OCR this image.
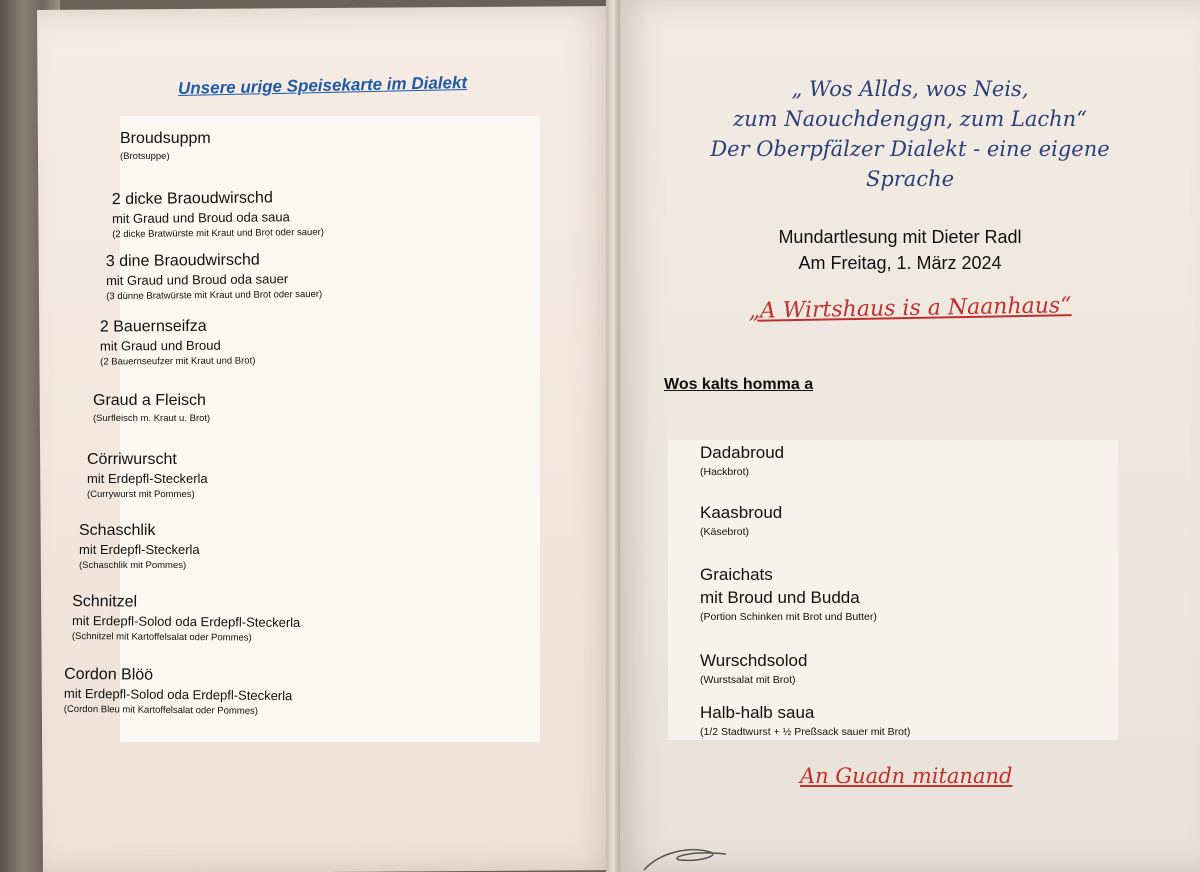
Unsere urige Speisekarte im Dialekt
Broudsuppm
(Brotsuppe)
2 dicke Braoudwirschd
mit Graud und Broud oda saua
(2 dicke Bratwürste mit Kraut und Brot oder sauer)
3 dine Braoudwirschd
mit Graud und Broud oda sauer
(3 dünne Bratwürste mit Kraut und Brot oder sauer)
2 Bauernseifza
mit Graud und Broud
(2 Bauernseufzer mit Kraut und Brot)
Graud a Fleisch
(Surfleisch m. Kraut u. Brot)
Cörriwurscht
mit Erdepfl-Steckerla
(Currywurst mit Pommes)
Schaschlik
mit Erdepfl-Steckerla
(Schaschlik mit Pommes)
Schnitzel
mit Erdepfl-Solod oda Erdepfl-Steckerla
(Schnitzel mit Kartoffelsalat oder Pommes)
Cordon Blöö
mit Erdepfl-Solod oda Erdepfl-Steckerla
(Cordon Bleu mit Kartoffelsalat oder Pommes)
„ Wos Allds, wos Neis,
zum Naouchdenggn, zum Lachn“
Der Oberpfälzer Dialekt - eine eigene
Sprache
Mundartlesung mit Dieter Radl
Am Freitag, 1. März 2024
„A Wirtshaus is a Naanhaus“
Wos kalts homma a
Dadabroud
(Hackbrot)
Kaasbroud
(Käsebrot)
Graichats
mit Broud und Budda
(Portion Schinken mit Brot und Butter)
Wurschdsolod
(Wurstsalat mit Brot)
Halb-halb saua
(1/2 Stadtwurst + ½ Preßsack sauer mit Brot)
An Guadn mitanand
